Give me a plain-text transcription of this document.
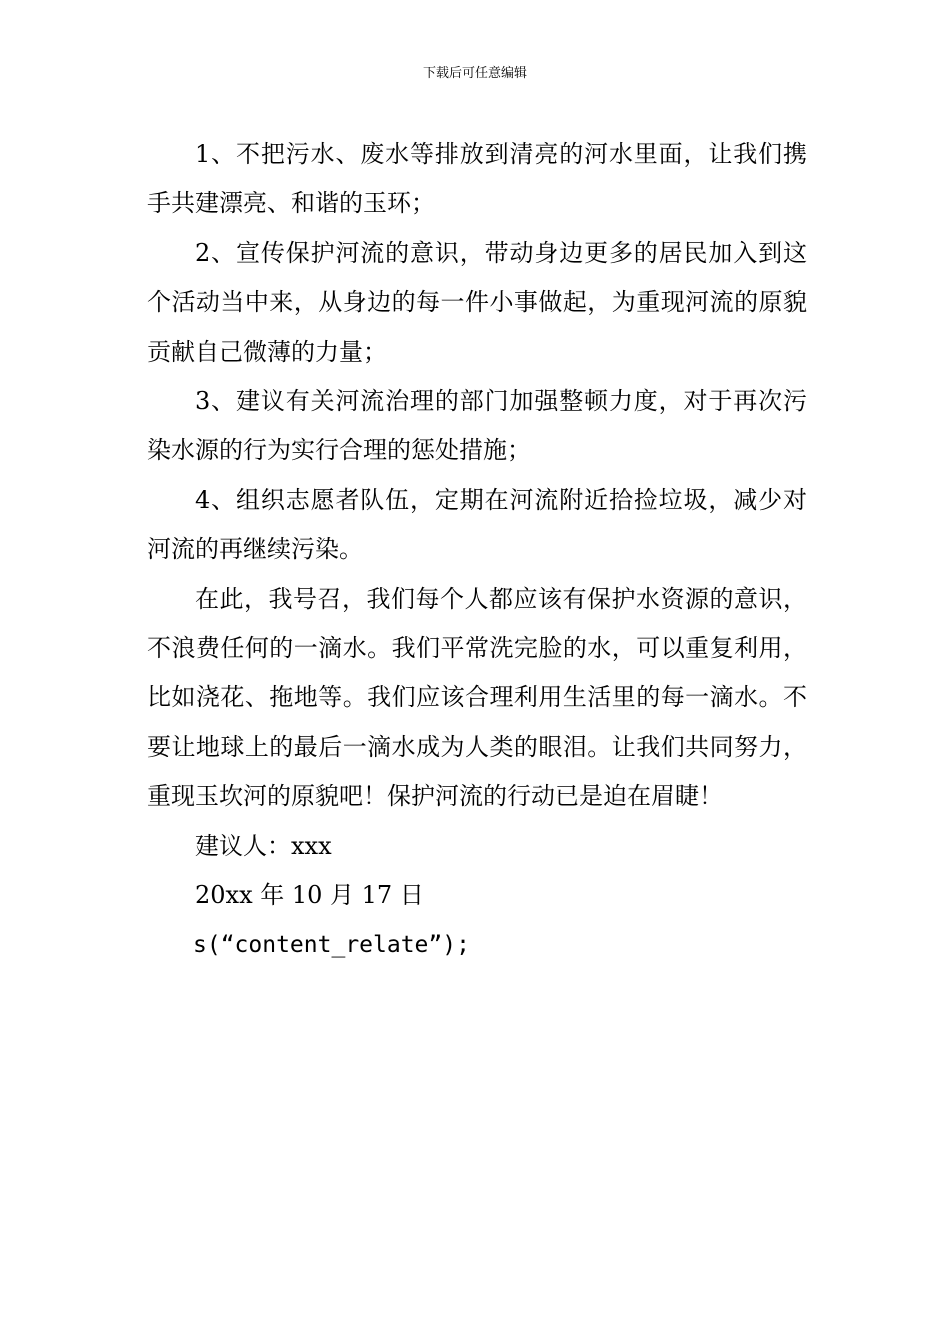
下载后可任意编辑

1、不把污水、废水等排放到清亮的河水里面，让我们携手共建漂亮、和谐的玉环；

2、宣传保护河流的意识，带动身边更多的居民加入到这个活动当中来，从身边的每一件小事做起，为重现河流的原貌贡献自己微薄的力量；

3、建议有关河流治理的部门加强整顿力度，对于再次污染水源的行为实行合理的惩处措施；

4、组织志愿者队伍，定期在河流附近拾捡垃圾，减少对河流的再继续污染。

在此，我号召，我们每个人都应该有保护水资源的意识，不浪费任何的一滴水。我们平常洗完脸的水，可以重复利用，比如浇花、拖地等。我们应该合理利用生活里的每一滴水。不要让地球上的最后一滴水成为人类的眼泪。让我们共同努力，重现玉坎河的原貌吧！保护河流的行动已是迫在眉睫！

建议人：xxx

20xx 年 10 月 17 日

s(“content_relate”);
